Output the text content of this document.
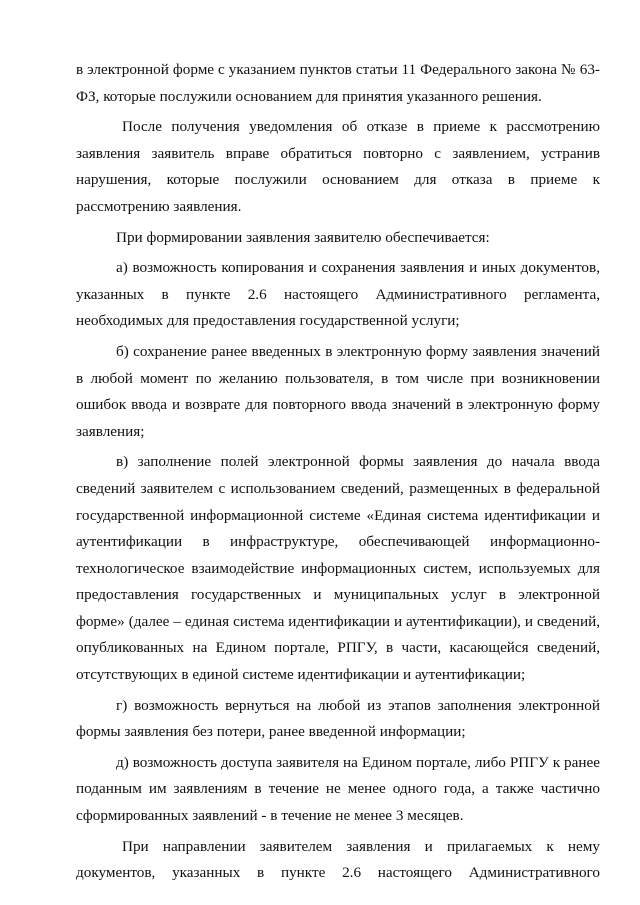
в электронной форме с указанием пунктов статьи 11 Федерального закона № 63-ФЗ, которые послужили основанием для принятия указанного решения.

После получения уведомления об отказе в приеме к рассмотрению заявления заявитель вправе обратиться повторно с заявлением, устранив нарушения, которые послужили основанием для отказа в приеме к рассмотрению заявления.

При формировании заявления заявителю обеспечивается:

а) возможность копирования и сохранения заявления и иных документов, указанных в пункте 2.6 настоящего Административного регламента, необходимых для предоставления государственной услуги;

б) сохранение ранее введенных в электронную форму заявления значений в любой момент по желанию пользователя, в том числе при возникновении ошибок ввода и возврате для повторного ввода значений в электронную форму заявления;

в) заполнение полей электронной формы заявления до начала ввода сведений заявителем с использованием сведений, размещенных в федеральной государственной информационной системе «Единая система идентификации и аутентификации в инфраструктуре, обеспечивающей информационно-технологическое взаимодействие информационных систем, используемых для предоставления государственных и муниципальных услуг в электронной форме» (далее – единая система идентификации и аутентификации), и сведений, опубликованных на Едином портале, РПГУ, в части, касающейся сведений, отсутствующих в единой системе идентификации и аутентификации;

г) возможность вернуться на любой из этапов заполнения электронной формы заявления без потери, ранее введенной информации;

д) возможность доступа заявителя на Едином портале, либо РПГУ к ранее поданным им заявлениям в течение не менее одного года, а также частично сформированных заявлений - в течение не менее 3 месяцев.

При направлении заявителем заявления и прилагаемых к нему документов, указанных в пункте 2.6 настоящего Административного
